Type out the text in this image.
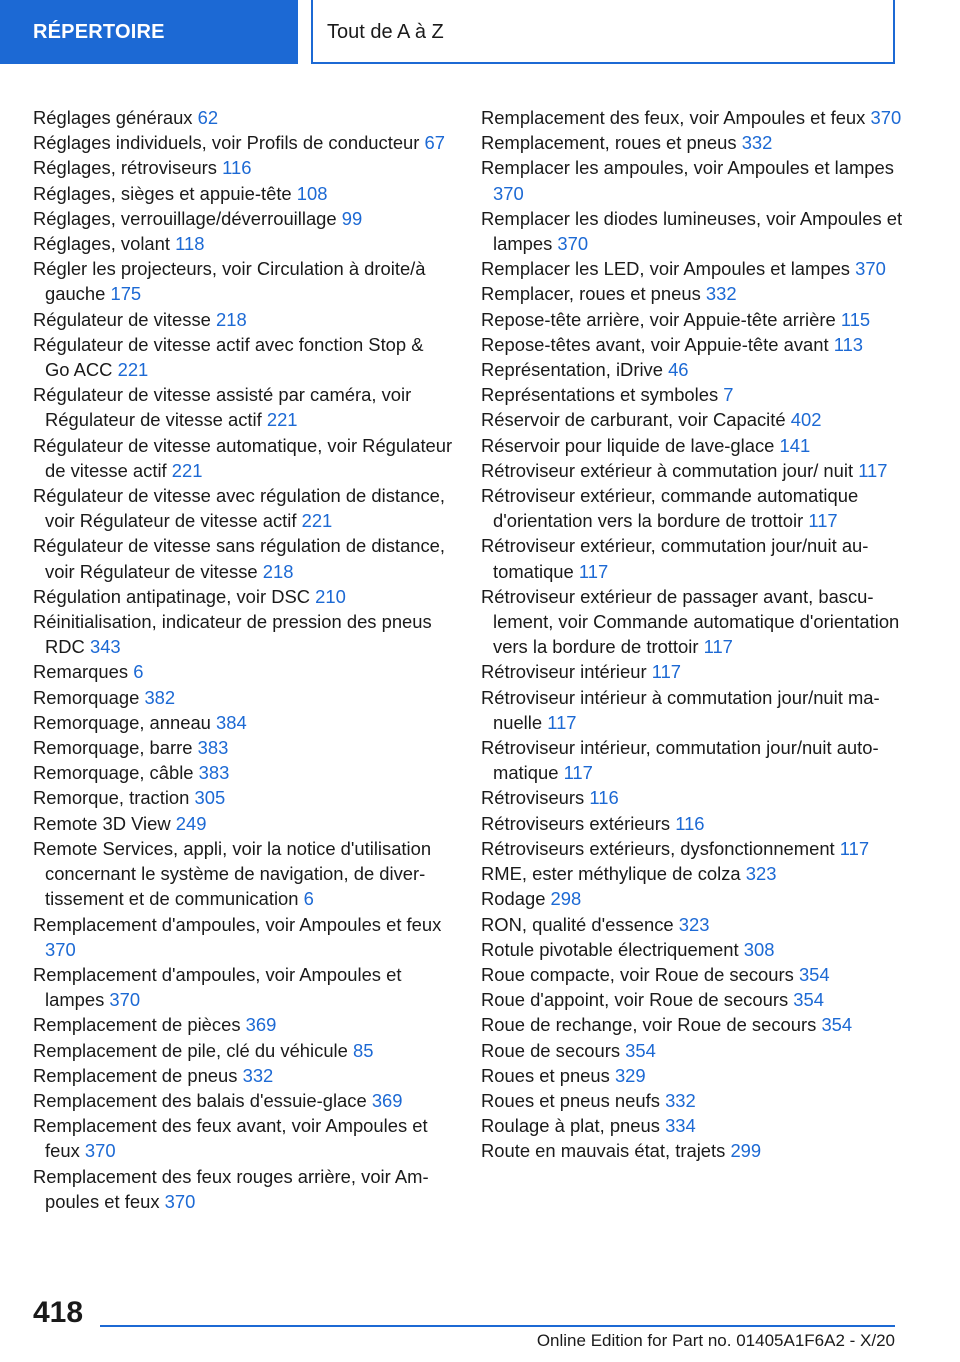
RÉPERTOIRE	Tout de A à Z

Réglages généraux 62

Réglages individuels, voir Profils de conducteur 67

Réglages, rétroviseurs 116

Réglages, sièges et appuie-tête 108

Réglages, verrouillage/déverrouillage 99

Réglages, volant 118

Régler les projecteurs, voir Circulation à droite/à gauche 175

Régulateur de vitesse 218

Régulateur de vitesse actif avec fonction Stop & Go ACC 221

Régulateur de vitesse assisté par caméra, voir Régulateur de vitesse actif 221

Régulateur de vitesse automatique, voir Régulateur de vitesse actif 221

Régulateur de vitesse avec régulation de distance, voir Régulateur de vitesse actif 221

Régulateur de vitesse sans régulation de distance, voir Régulateur de vitesse 218

Régulation antipatinage, voir DSC 210

Réinitialisation, indicateur de pression des pneus RDC 343

Remarques 6

Remorquage 382

Remorquage, anneau 384

Remorquage, barre 383

Remorquage, câble 383

Remorque, traction 305

Remote 3D View 249

Remote Services, appli, voir la notice d'utilisation concernant le système de navigation, de divertissement et de communication 6

Remplacement d'ampoules, voir Ampoules et feux 370

Remplacement d'ampoules, voir Ampoules et lampes 370

Remplacement de pièces 369

Remplacement de pile, clé du véhicule 85

Remplacement de pneus 332

Remplacement des balais d'essuie-glace 369

Remplacement des feux avant, voir Ampoules et feux 370

Remplacement des feux rouges arrière, voir Ampoules et feux 370

Remplacement des feux, voir Ampoules et feux 370

Remplacement, roues et pneus 332

Remplacer les ampoules, voir Ampoules et lampes 370

Remplacer les diodes lumineuses, voir Ampoules et lampes 370

Remplacer les LED, voir Ampoules et lampes 370

Remplacer, roues et pneus 332

Repose-tête arrière, voir Appuie-tête arrière 115

Repose-têtes avant, voir Appuie-tête avant 113

Représentation, iDrive 46

Représentations et symboles 7

Réservoir de carburant, voir Capacité 402

Réservoir pour liquide de lave-glace 141

Rétroviseur extérieur à commutation jour/ nuit 117

Rétroviseur extérieur, commande automatique d'orientation vers la bordure de trottoir 117

Rétroviseur extérieur, commutation jour/nuit automatique 117

Rétroviseur extérieur de passager avant, basculement, voir Commande automatique d'orientation vers la bordure de trottoir 117

Rétroviseur intérieur 117

Rétroviseur intérieur à commutation jour/nuit manuelle 117

Rétroviseur intérieur, commutation jour/nuit automatique 117

Rétroviseurs 116

Rétroviseurs extérieurs 116

Rétroviseurs extérieurs, dysfonctionnement 117

RME, ester méthylique de colza 323

Rodage 298

RON, qualité d'essence 323

Rotule pivotable électriquement 308

Roue compacte, voir Roue de secours 354

Roue d'appoint, voir Roue de secours 354

Roue de rechange, voir Roue de secours 354

Roue de secours 354

Roues et pneus 329

Roues et pneus neufs 332

Roulage à plat, pneus 334

Route en mauvais état, trajets 299

418
Online Edition for Part no. 01405A1F6A2 - X/20
